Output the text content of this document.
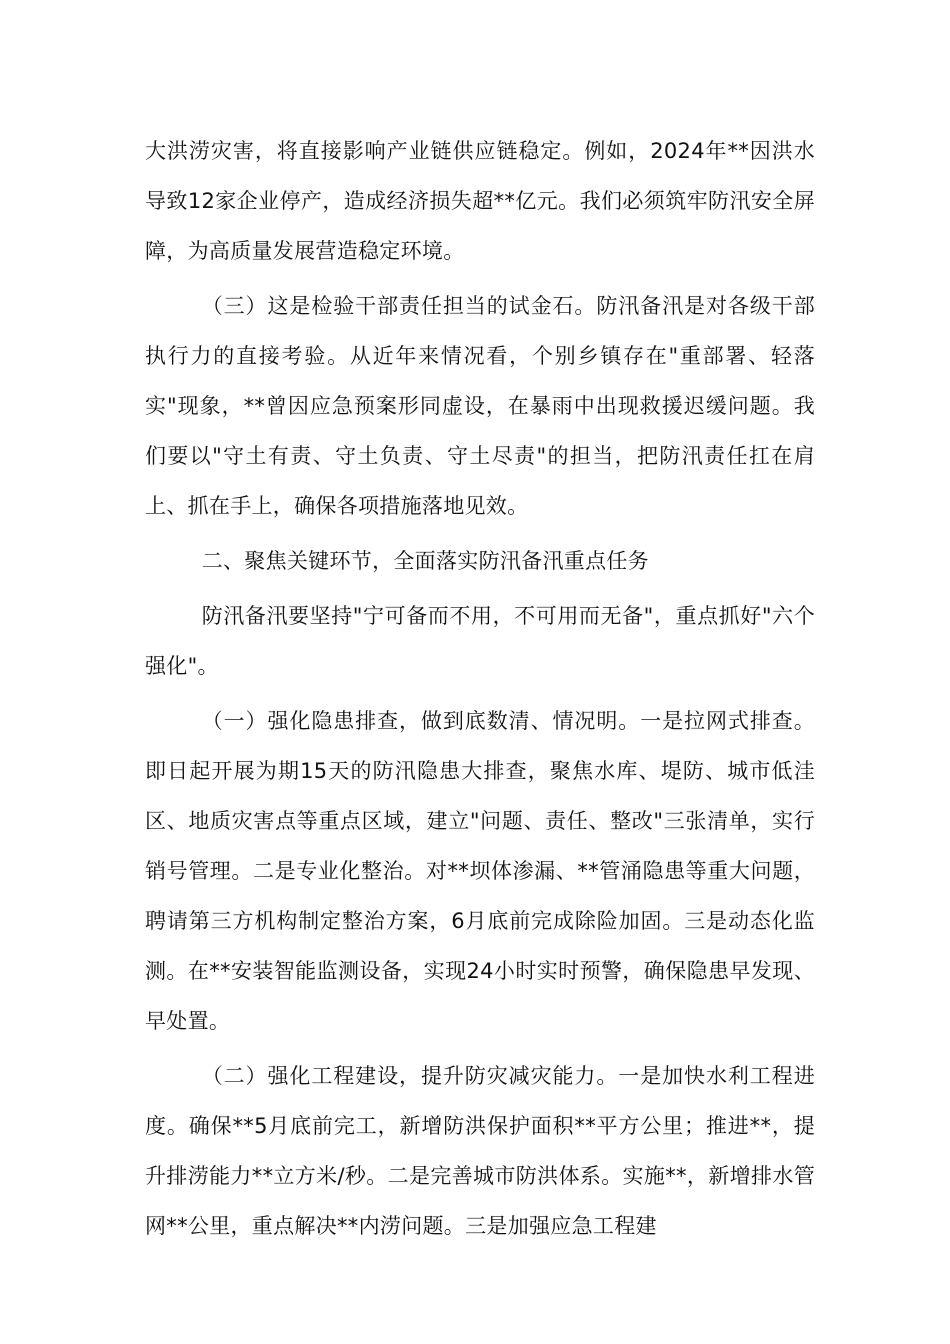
大洪涝灾害，将直接影响产业链供应链稳定。例如，2024年**因洪水导致12家企业停产，造成经济损失超**亿元。我们必须筑牢防汛安全屏障，为高质量发展营造稳定环境。

（三）这是检验干部责任担当的试金石。防汛备汛是对各级干部执行力的直接考验。从近年来情况看，个别乡镇存在"重部署、轻落实"现象，**曾因应急预案形同虚设，在暴雨中出现救援迟缓问题。我们要以"守土有责、守土负责、守土尽责"的担当，把防汛责任扛在肩上、抓在手上，确保各项措施落地见效。

二、聚焦关键环节，全面落实防汛备汛重点任务

防汛备汛要坚持"宁可备而不用，不可用而无备"，重点抓好"六个强化"。

（一）强化隐患排查，做到底数清、情况明。一是拉网式排查。即日起开展为期15天的防汛隐患大排查，聚焦水库、堤防、城市低洼区、地质灾害点等重点区域，建立"问题、责任、整改"三张清单，实行销号管理。二是专业化整治。对**坝体渗漏、**管涌隐患等重大问题，聘请第三方机构制定整治方案，6月底前完成除险加固。三是动态化监测。在**安装智能监测设备，实现24小时实时预警，确保隐患早发现、早处置。

（二）强化工程建设，提升防灾减灾能力。一是加快水利工程进度。确保**5月底前完工，新增防洪保护面积**平方公里；推进**，提升排涝能力**立方米/秒。二是完善城市防洪体系。实施**，新增排水管网**公里，重点解决**内涝问题。三是加强应急工程建
